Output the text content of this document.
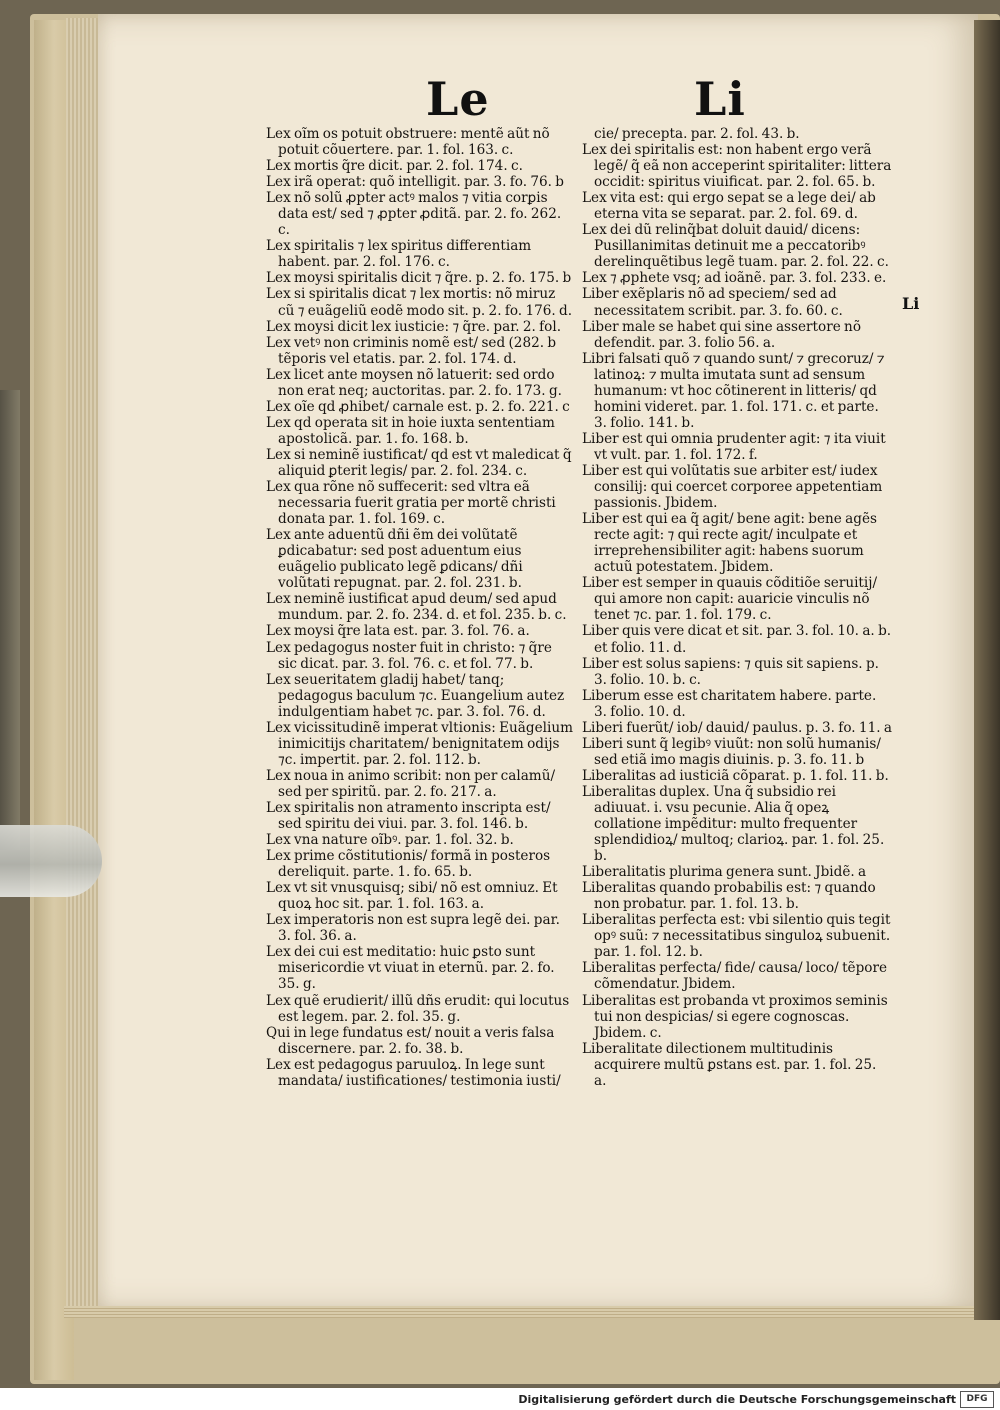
Le	Li
Lex oĩm os potuit obstruere: mentẽ aũt nõ potuit cõuertere. par. 1. fol. 163. c.
Lex mortis q̃re dicit. par. 2. fol. 174. c.
Lex irã operat: quõ intelligit. par. 3. fo. 76. b
Lex nõ solũ ꝓpter actꝰ malos ⁊ vitia corꝑis data est/ sed ⁊ ꝓpter ꝓditã. par. 2. fo. 262. c.
Lex spiritalis ⁊ lex spiritus differentiam habent. par. 2. fol. 176. c.
Lex moysi spiritalis dicit ⁊ q̃re. p. 2. fo. 175. b
Lex si spiritalis dicat ⁊ lex mortis: nõ miruz cũ ⁊ euãgeliũ eodẽ modo sit. p. 2. fo. 176. d.
Lex moysi dicit lex iusticie: ⁊ q̃re. par. 2. fol.
Lex vetꝰ non criminis nomẽ est/ sed (282. b tẽporis vel etatis. par. 2. fol. 174. d.
Lex licet ante moysen nõ latuerit: sed ordo non erat neq; auctoritas. par. 2. fo. 173. g.
Lex oĩe qd ꝓhibet/ carnale est. p. 2. fo. 221. c
Lex qd operata sit in hoie iuxta sententiam apostolicã. par. 1. fo. 168. b.
Lex si neminẽ iustificat/ qd est vt maledicat q̃ aliquid ꝑterit legis/ par. 2. fol. 234. c.
Lex qua rõne nõ suffecerit: sed vltra eã necessaria fuerit gratia per mortẽ christi donata par. 1. fol. 169. c.
Lex ante aduentũ dñi ẽm dei volũtatẽ ꝑdicabatur: sed post aduentum eius euãgelio publicato legẽ ꝑdicans/ dñi volũtati repugnat. par. 2. fol. 231. b.
Lex neminẽ iustificat apud deum/ sed apud mundum. par. 2. fo. 234. d. et fol. 235. b. c.
Lex moysi q̃re lata est. par. 3. fol. 76. a.
Lex pedagogus noster fuit in christo: ⁊ q̃re sic dicat. par. 3. fol. 76. c. et fol. 77. b.
Lex seueritatem gladij habet/ tanq; pedagogus baculum ⁊c. Euangelium autez indulgentiam habet ⁊c. par. 3. fol. 76. d.
Lex vicissitudinẽ imperat vltionis: Euãgelium inimicitijs charitatem/ benignitatem odijs ⁊c. impertit. par. 2. fol. 112. b.
Lex noua in animo scribit: non per calamũ/ sed per spiritũ. par. 2. fo. 217. a.
Lex spiritalis non atramento inscripta est/ sed spiritu dei viui. par. 3. fol. 146. b.
Lex vna nature oĩbꝰ. par. 1. fol. 32. b.
Lex prime cõstitutionis/ formã in posteros dereliquit. parte. 1. fo. 65. b.
Lex vt sit vnusquisq; sibi/ nõ est omniuz. Et quoꝝ hoc sit. par. 1. fol. 163. a.
Lex imperatoris non est supra legẽ dei. par. 3. fol. 36. a.
Lex dei cui est meditatio: huic ꝑsto sunt misericordie vt viuat in eternũ. par. 2. fo. 35. g.
Lex quẽ erudierit/ illũ dñs erudit: qui locutus est legem. par. 2. fol. 35. g.
Qui in lege fundatus est/ nouit a veris falsa discernere. par. 2. fo. 38. b.
Lex est pedagogus paruuloꝝ. In lege sunt mandata/ iustificationes/ testimonia iusti/
cie/ precepta. par. 2. fol. 43. b.
Lex dei spiritalis est: non habent ergo verã legẽ/ q̃ eã non acceperint spiritaliter: littera occidit: spiritus viuificat. par. 2. fol. 65. b.
Lex vita est: qui ergo sepat se a lege dei/ ab eterna vita se separat. par. 2. fol. 69. d.
Lex dei dũ relinq̃bat doluit dauid/ dicens: Pusillanimitas detinuit me a peccatoribꝰ derelinquẽtibus legẽ tuam. par. 2. fol. 22. c.
Lex ⁊ ꝓphete vsq; ad ioãnẽ. par. 3. fol. 233. e.
Liber exẽplaris nõ ad speciem/ sed ad necessitatem scribit. par. 3. fo. 60. c.
Liber male se habet qui sine assertore nõ defendit. par. 3. folio 56. a.
Libri falsati quõ ⁊ quando sunt/ ⁊ grecoruz/ ⁊ latinoꝝ: ⁊ multa imutata sunt ad sensum humanum: vt hoc cõtinerent in litteris/ qd homini videret. par. 1. fol. 171. c. et parte. 3. folio. 141. b.
Liber est qui omnia prudenter agit: ⁊ ita viuit vt vult. par. 1. fol. 172. f.
Liber est qui volũtatis sue arbiter est/ iudex consilij: qui coercet corporee appetentiam passionis. Jbidem.
Liber est qui ea q̃ agit/ bene agit: bene agẽs recte agit: ⁊ qui recte agit/ inculpate et irreprehensibiliter agit: habens suorum actuũ potestatem. Jbidem.
Liber est semper in quauis cõditiõe seruitij/ qui amore non capit: auaricie vinculis nõ tenet ⁊c. par. 1. fol. 179. c.
Liber quis vere dicat et sit. par. 3. fol. 10. a. b. et folio. 11. d.
Liber est solus sapiens: ⁊ quis sit sapiens. p. 3. folio. 10. b. c.
Liberum esse est charitatem habere. parte. 3. folio. 10. d.
Liberi fuerũt/ iob/ dauid/ paulus. p. 3. fo. 11. a
Liberi sunt q̃ legibꝰ viuũt: non solũ humanis/ sed etiã imo magis diuinis. p. 3. fo. 11. b
Liberalitas ad iusticiã cõparat. p. 1. fol. 11. b.
Liberalitas duplex. Una q̃ subsidio rei adiuuat. i. vsu pecunie. Alia q̃ opeꝝ collatione impẽditur: multo frequenter splendidioꝝ/ multoq; clarioꝝ. par. 1. fol. 25. b.
Liberalitatis plurima genera sunt. Jbidẽ. a
Liberalitas quando probabilis est: ⁊ quando non probatur. par. 1. fol. 13. b.
Liberalitas perfecta est: vbi silentio quis tegit opꝰ suũ: ⁊ necessitatibus singuloꝝ subuenit. par. 1. fol. 12. b.
Liberalitas perfecta/ fide/ causa/ loco/ tẽpore cõmendatur. Jbidem.
Liberalitas est probanda vt proximos seminis tui non despicias/ si egere cognoscas. Jbidem. c.
Liberalitate dilectionem multitudinis acquirere multũ ꝑstans est. par. 1. fol. 25. a.
Li
Digitalisierung gefördert durch die Deutsche Forschungsgemeinschaft	DFG
